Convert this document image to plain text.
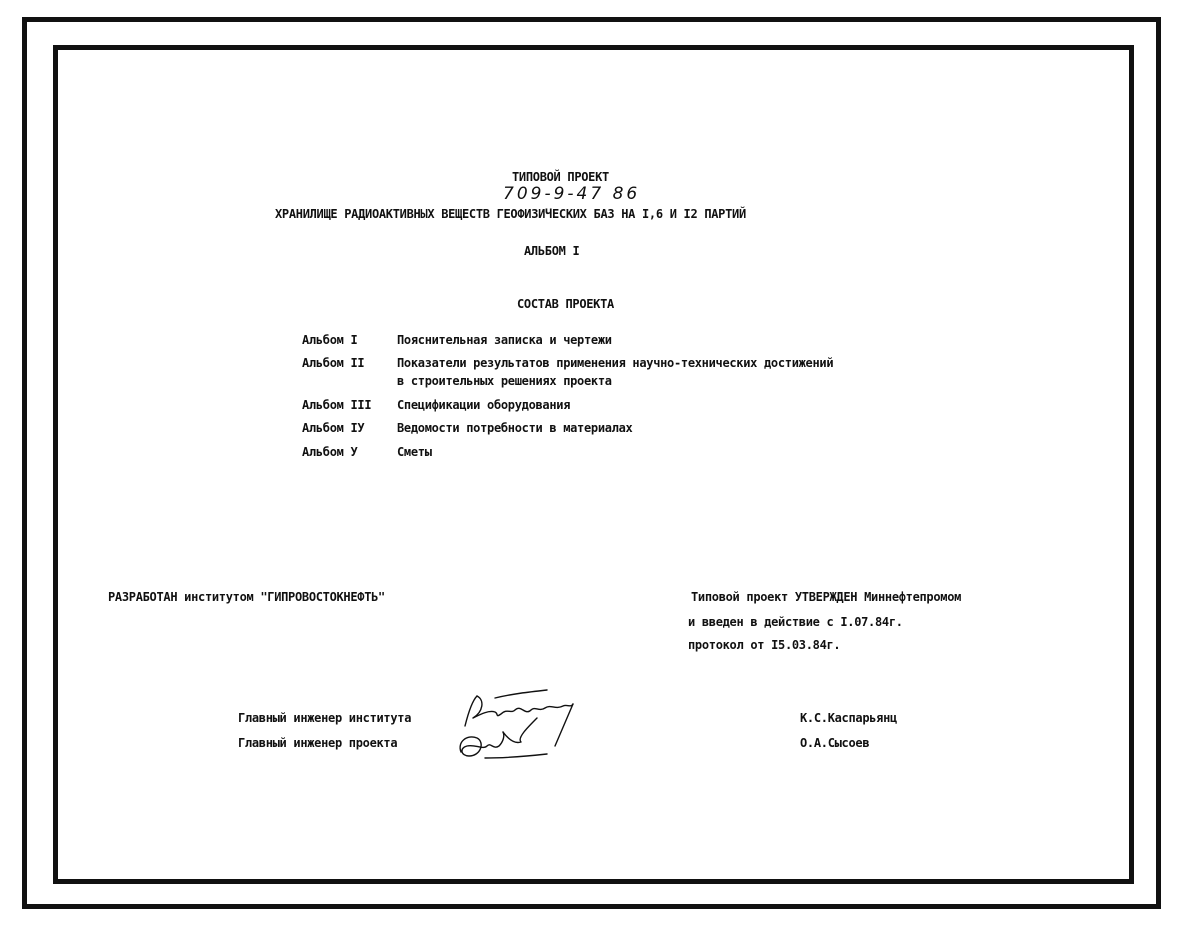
ТИПОВОЙ ПРОЕКТ
709-9-47 86
ХРАНИЛИЩЕ РАДИОАКТИВНЫХ ВЕЩЕСТВ ГЕОФИЗИЧЕСКИХ БАЗ НА I,6 И I2 ПАРТИЙ
АЛЬБОМ I
СОСТАВ ПРОЕКТА
Альбом I	Пояснительная записка и чертежи
Альбом II	Показатели результатов применения научно-технических достижений
в строительных решениях проекта
Альбом III Спецификации оборудования
Альбом IУ	Ведомости потребности в материалах
Альбом У	Сметы
РАЗРАБОТАН институтом "ГИПРОВОСТОКНЕФТЬ"	Типовой проект УТВЕРЖДЕН Миннефтепромом
и введен в действие с I.07.84г.
протокол от I5.03.84г.
Главный инженер института
Главный инженер проекта
К.С.Каспарьянц
О.А.Сысоев
